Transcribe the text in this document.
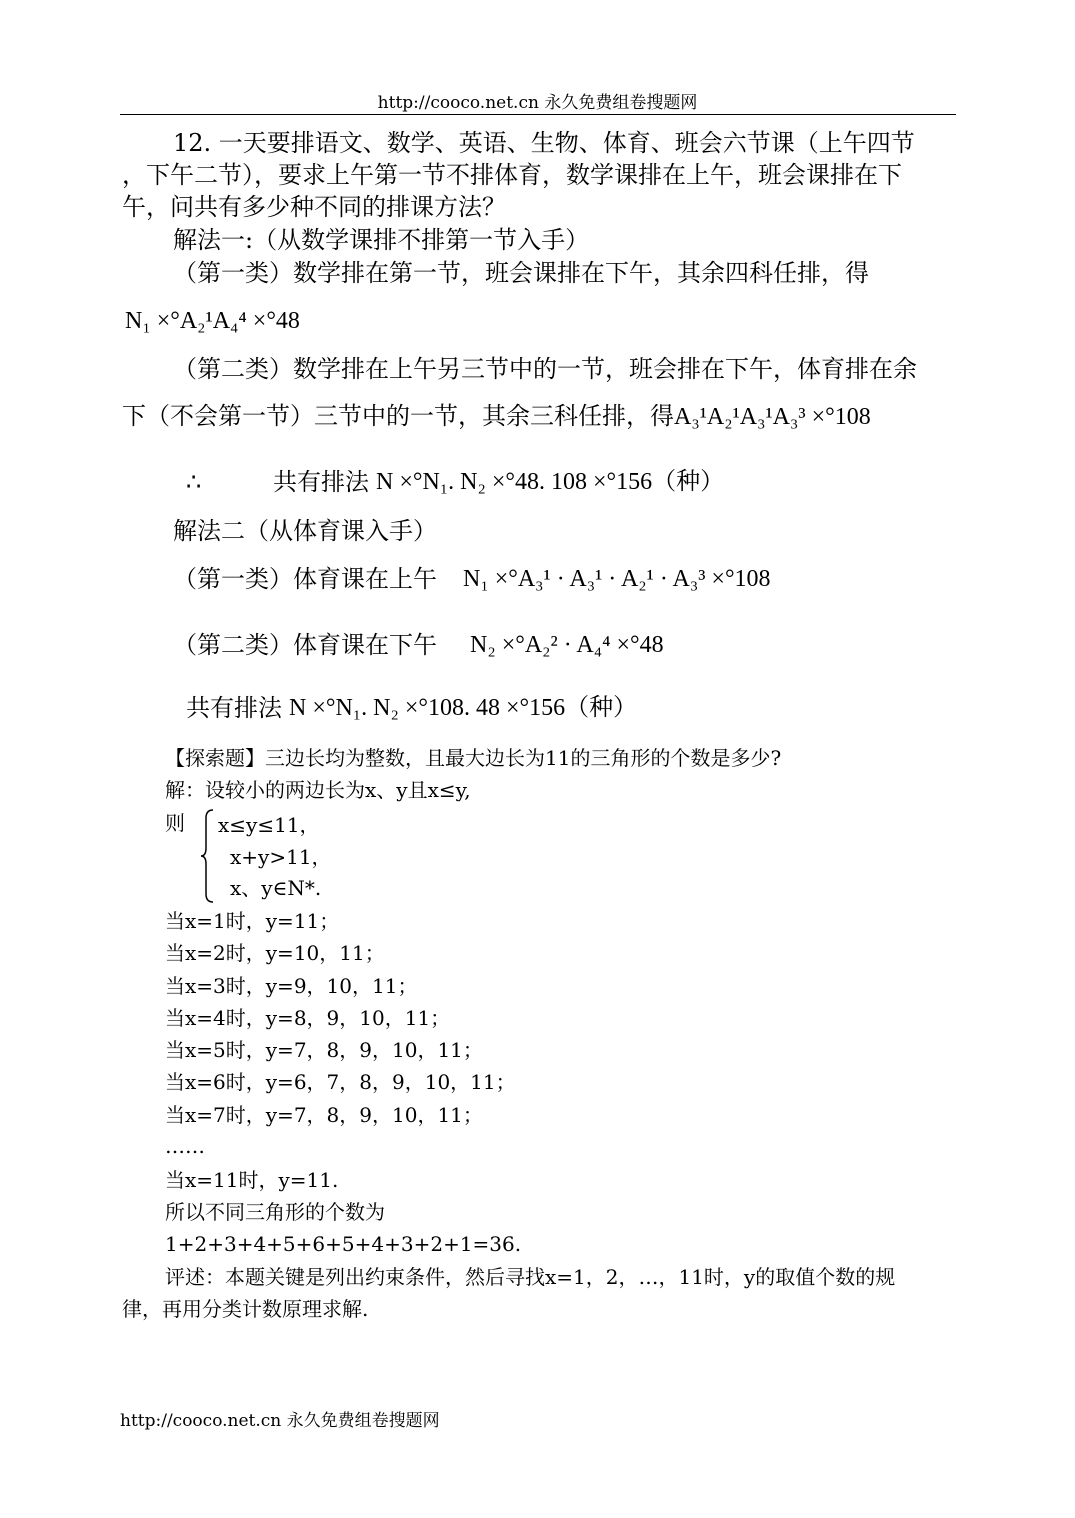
http://cooco.net.cn 永久免费组卷搜题网
12. 一天要排语文、数学、英语、生物、体育、班会六节课（上午四节
，下午二节），要求上午第一节不排体育，数学课排在上午，班会课排在下
午，问共有多少种不同的排课方法？
解法一:（从数学课排不排第一节入手）
（第一类）数学排在第一节，班会课排在下午，其余四科任排，得
N₁ ×°A₂¹A₄⁴ ×°48
（第二类）数学排在上午另三节中的一节，班会排在下午，体育排在余
下（不会第一节）三节中的一节，其余三科任排，得 A₃¹A₂¹A₃¹A₃³ ×°108
∴	共有排法 N ×°N₁. N₂ ×°48. 108 ×°156（种）
解法二（从体育课入手）
（第一类）体育课在上午 N₁ ×°A₃¹ · A₃¹ · A₂¹ · A₃³ ×°108
（第二类）体育课在下午 N₂ ×°A₂² · A₄⁴ ×°48
共有排法 N ×°N₁. N₂ ×°108. 48 ×°156（种）
【探索题】三边长均为整数，且最大边长为11的三角形的个数是多少?
解：设较小的两边长为x、y且x≤y,
则 x≤y≤11，
x+y>11，
x、y∈N*.
当x=1时，y=11；
当x=2时，y=10，11；
当x=3时，y=9，10，11；
当x=4时，y=8，9，10，11；
当x=5时，y=7，8，9，10，11；
当x=6时，y=6，7，8，9，10，11；
当x=7时，y=7，8，9，10，11；
……
当x=11时，y=11.
所以不同三角形的个数为
1+2+3+4+5+6+5+4+3+2+1=36.
评述：本题关键是列出约束条件，然后寻找x=1，2，…，11时，y的取值个数的规
律，再用分类计数原理求解.
http://cooco.net.cn 永久免费组卷搜题网
